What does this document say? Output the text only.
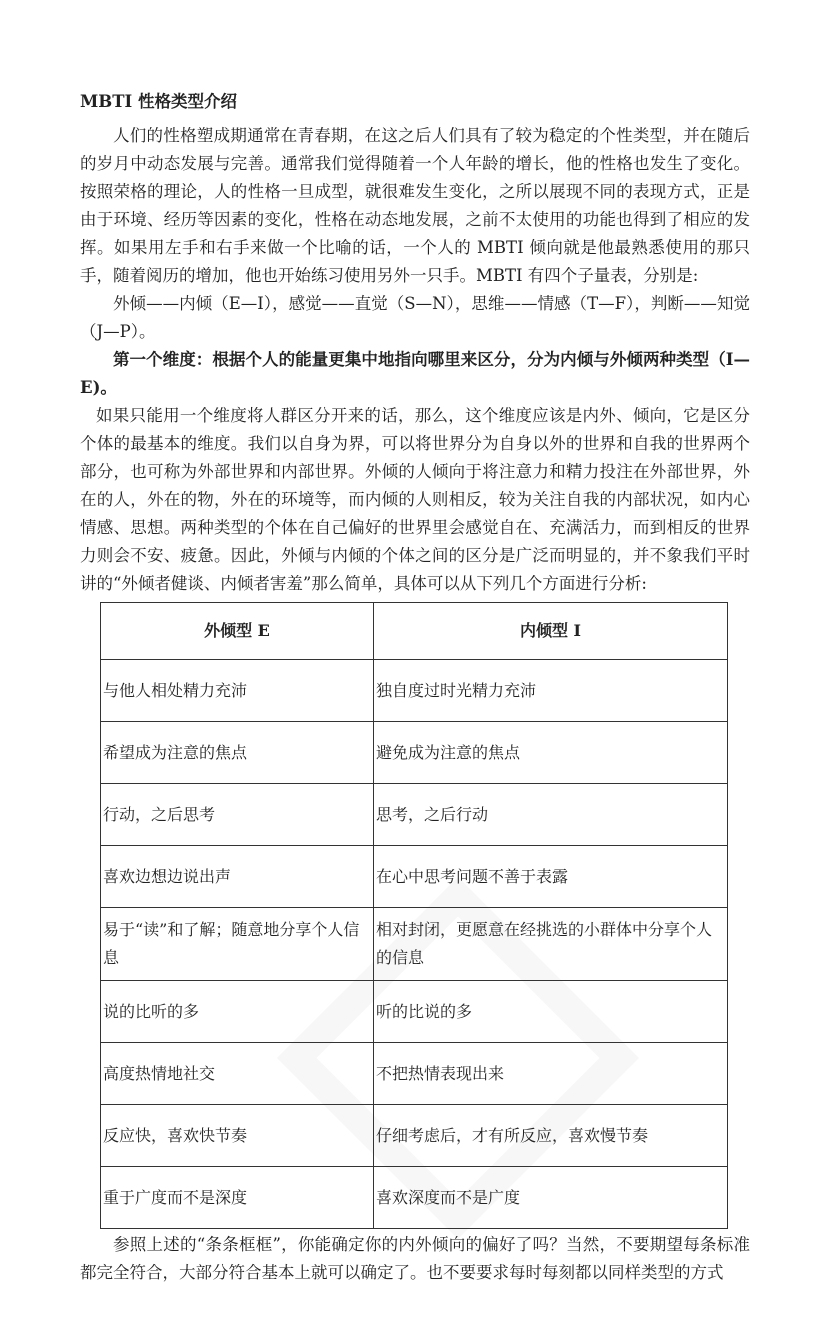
MBTI 性格类型介绍

人们的性格塑成期通常在青春期，在这之后人们具有了较为稳定的个性类型，并在随后的岁月中动态发展与完善。通常我们觉得随着一个人年龄的增长，他的性格也发生了变化。按照荣格的理论，人的性格一旦成型，就很难发生变化，之所以展现不同的表现方式，正是由于环境、经历等因素的变化，性格在动态地发展，之前不太使用的功能也得到了相应的发挥。如果用左手和右手来做一个比喻的话，一个人的 MBTI 倾向就是他最熟悉使用的那只手，随着阅历的增加，他也开始练习使用另外一只手。MBTI 有四个子量表，分别是:

外倾——内倾（E—I），感觉——直觉（S—N），思维——情感（T—F），判断——知觉（J—P）。

第一个维度：根据个人的能量更集中地指向哪里来区分，分为内倾与外倾两种类型（I—E)。

如果只能用一个维度将人群区分开来的话，那么，这个维度应该是内外、倾向，它是区分个体的最基本的维度。我们以自身为界，可以将世界分为自身以外的世界和自我的世界两个部分，也可称为外部世界和内部世界。外倾的人倾向于将注意力和精力投注在外部世界，外在的人，外在的物，外在的环境等，而内倾的人则相反，较为关注自我的内部状况，如内心情感、思想。两种类型的个体在自己偏好的世界里会感觉自在、充满活力，而到相反的世界力则会不安、疲惫。因此，外倾与内倾的个体之间的区分是广泛而明显的，并不象我们平时讲的“外倾者健谈、内倾者害羞”那么简单，具体可以从下列几个方面进行分析:

外倾型 E	内倾型 I
与他人相处精力充沛	独自度过时光精力充沛
希望成为注意的焦点	避免成为注意的焦点
行动，之后思考	思考，之后行动
喜欢边想边说出声	在心中思考问题不善于表露
易于“读”和了解；随意地分享个人信息	相对封闭，更愿意在经挑选的小群体中分享个人的信息
说的比听的多	听的比说的多
高度热情地社交	不把热情表现出来
反应快，喜欢快节奏	仔细考虑后，才有所反应，喜欢慢节奏
重于广度而不是深度	喜欢深度而不是广度

参照上述的“条条框框”，你能确定你的内外倾向的偏好了吗？当然，不要期望每条标准都完全符合，大部分符合基本上就可以确定了。也不要要求每时每刻都以同样类型的方式
